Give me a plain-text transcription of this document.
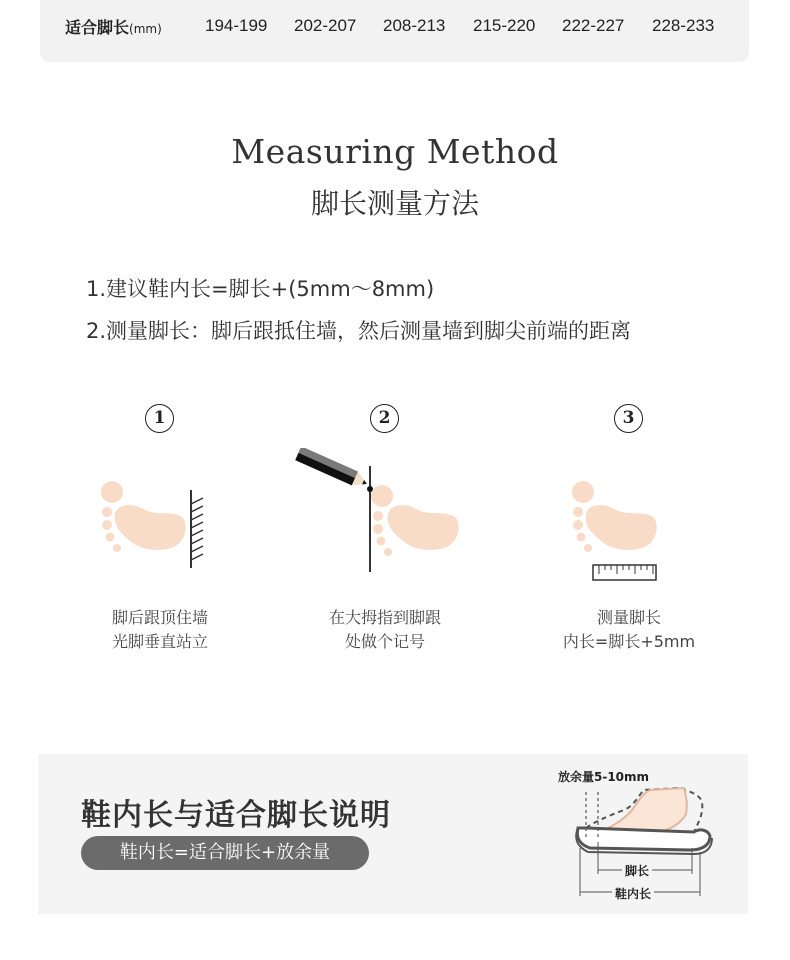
适合脚长(mm)	194-199 202-207 208-213 215-220 222-227 228-233
Measuring Method
脚长测量方法
1.建议鞋内长=脚长+(5mm～8mm)
2.测量脚长：脚后跟抵住墙，然后测量墙到脚尖前端的距离
1
脚后跟顶住墙
光脚垂直站立
2
在大拇指到脚跟
处做个记号
3
测量脚长
内长=脚长+5mm
鞋内长与适合脚长说明
鞋内长=适合脚长+放余量
放余量5-10mm
脚长
鞋内长
